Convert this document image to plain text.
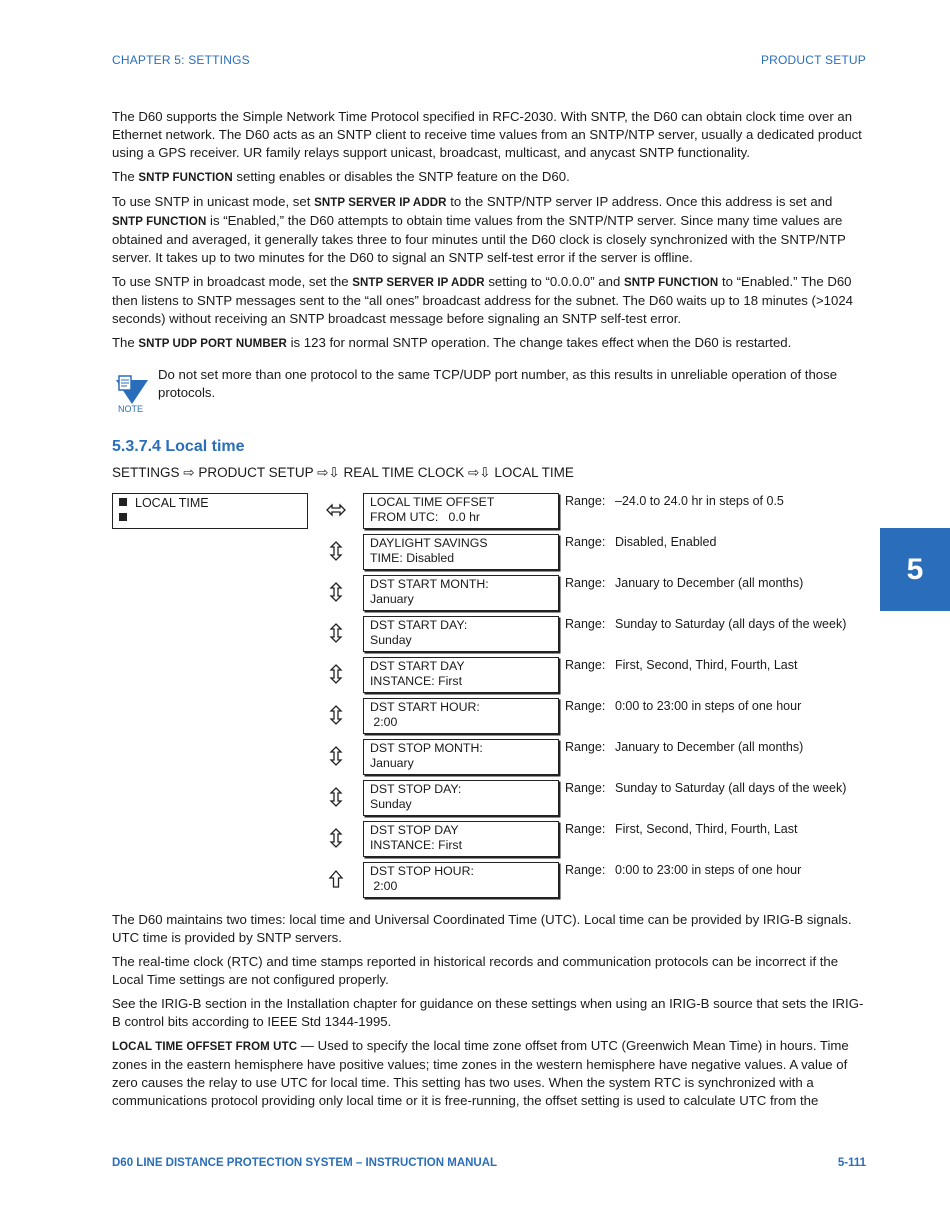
CHAPTER 5: SETTINGS	PRODUCT SETUP

The D60 supports the Simple Network Time Protocol specified in RFC-2030. With SNTP, the D60 can obtain clock time over an Ethernet network. The D60 acts as an SNTP client to receive time values from an SNTP/NTP server, usually a dedicated product using a GPS receiver. UR family relays support unicast, broadcast, multicast, and anycast SNTP functionality.

The SNTP FUNCTION setting enables or disables the SNTP feature on the D60.

To use SNTP in unicast mode, set SNTP SERVER IP ADDR to the SNTP/NTP server IP address. Once this address is set and SNTP FUNCTION is “Enabled,” the D60 attempts to obtain time values from the SNTP/NTP server. Since many time values are obtained and averaged, it generally takes three to four minutes until the D60 clock is closely synchronized with the SNTP/NTP server. It takes up to two minutes for the D60 to signal an SNTP self-test error if the server is offline.

To use SNTP in broadcast mode, set the SNTP SERVER IP ADDR setting to “0.0.0.0” and SNTP FUNCTION to “Enabled.” The D60 then listens to SNTP messages sent to the “all ones” broadcast address for the subnet. The D60 waits up to 18 minutes (>1024 seconds) without receiving an SNTP broadcast message before signaling an SNTP self-test error.

The SNTP UDP PORT NUMBER is 123 for normal SNTP operation. The change takes effect when the D60 is restarted.

NOTE
Do not set more than one protocol to the same TCP/UDP port number, as this results in unreliable operation of those protocols.
5.3.7.4 Local time
SETTINGS ⇨ PRODUCT SETUP ⇨⇩ REAL TIME CLOCK ⇨⇩ LOCAL TIME
LOCAL TIME	LOCAL TIME OFFSET
FROM UTC:   0.0 hr
Range: –24.0 to 24.0 hr in steps of 0.5
DAYLIGHT SAVINGS
TIME: Disabled
Range: Disabled, Enabled
DST START MONTH:
January
Range: January to December (all months)
DST START DAY:
Sunday
Range: Sunday to Saturday (all days of the week)
DST START DAY
INSTANCE: First
Range: First, Second, Third, Fourth, Last
DST START HOUR:
2:00
Range: 0:00 to 23:00 in steps of one hour
DST STOP MONTH:
January
Range: January to December (all months)
DST STOP DAY:
Sunday
Range: Sunday to Saturday (all days of the week)
DST STOP DAY
INSTANCE: First
Range: First, Second, Third, Fourth, Last
DST STOP HOUR:
2:00
Range: 0:00 to 23:00 in steps of one hour
5

The D60 maintains two times: local time and Universal Coordinated Time (UTC). Local time can be provided by IRIG-B signals. UTC time is provided by SNTP servers.

The real-time clock (RTC) and time stamps reported in historical records and communication protocols can be incorrect if the Local Time settings are not configured properly.

See the IRIG-B section in the Installation chapter for guidance on these settings when using an IRIG-B source that sets the IRIG-B control bits according to IEEE Std 1344-1995.

LOCAL TIME OFFSET FROM UTC — Used to specify the local time zone offset from UTC (Greenwich Mean Time) in hours. Time zones in the eastern hemisphere have positive values; time zones in the western hemisphere have negative values. A value of zero causes the relay to use UTC for local time. This setting has two uses. When the system RTC is synchronized with a communications protocol providing only local time or it is free-running, the offset setting is used to calculate UTC from the

D60 LINE DISTANCE PROTECTION SYSTEM – INSTRUCTION MANUAL	5-111
